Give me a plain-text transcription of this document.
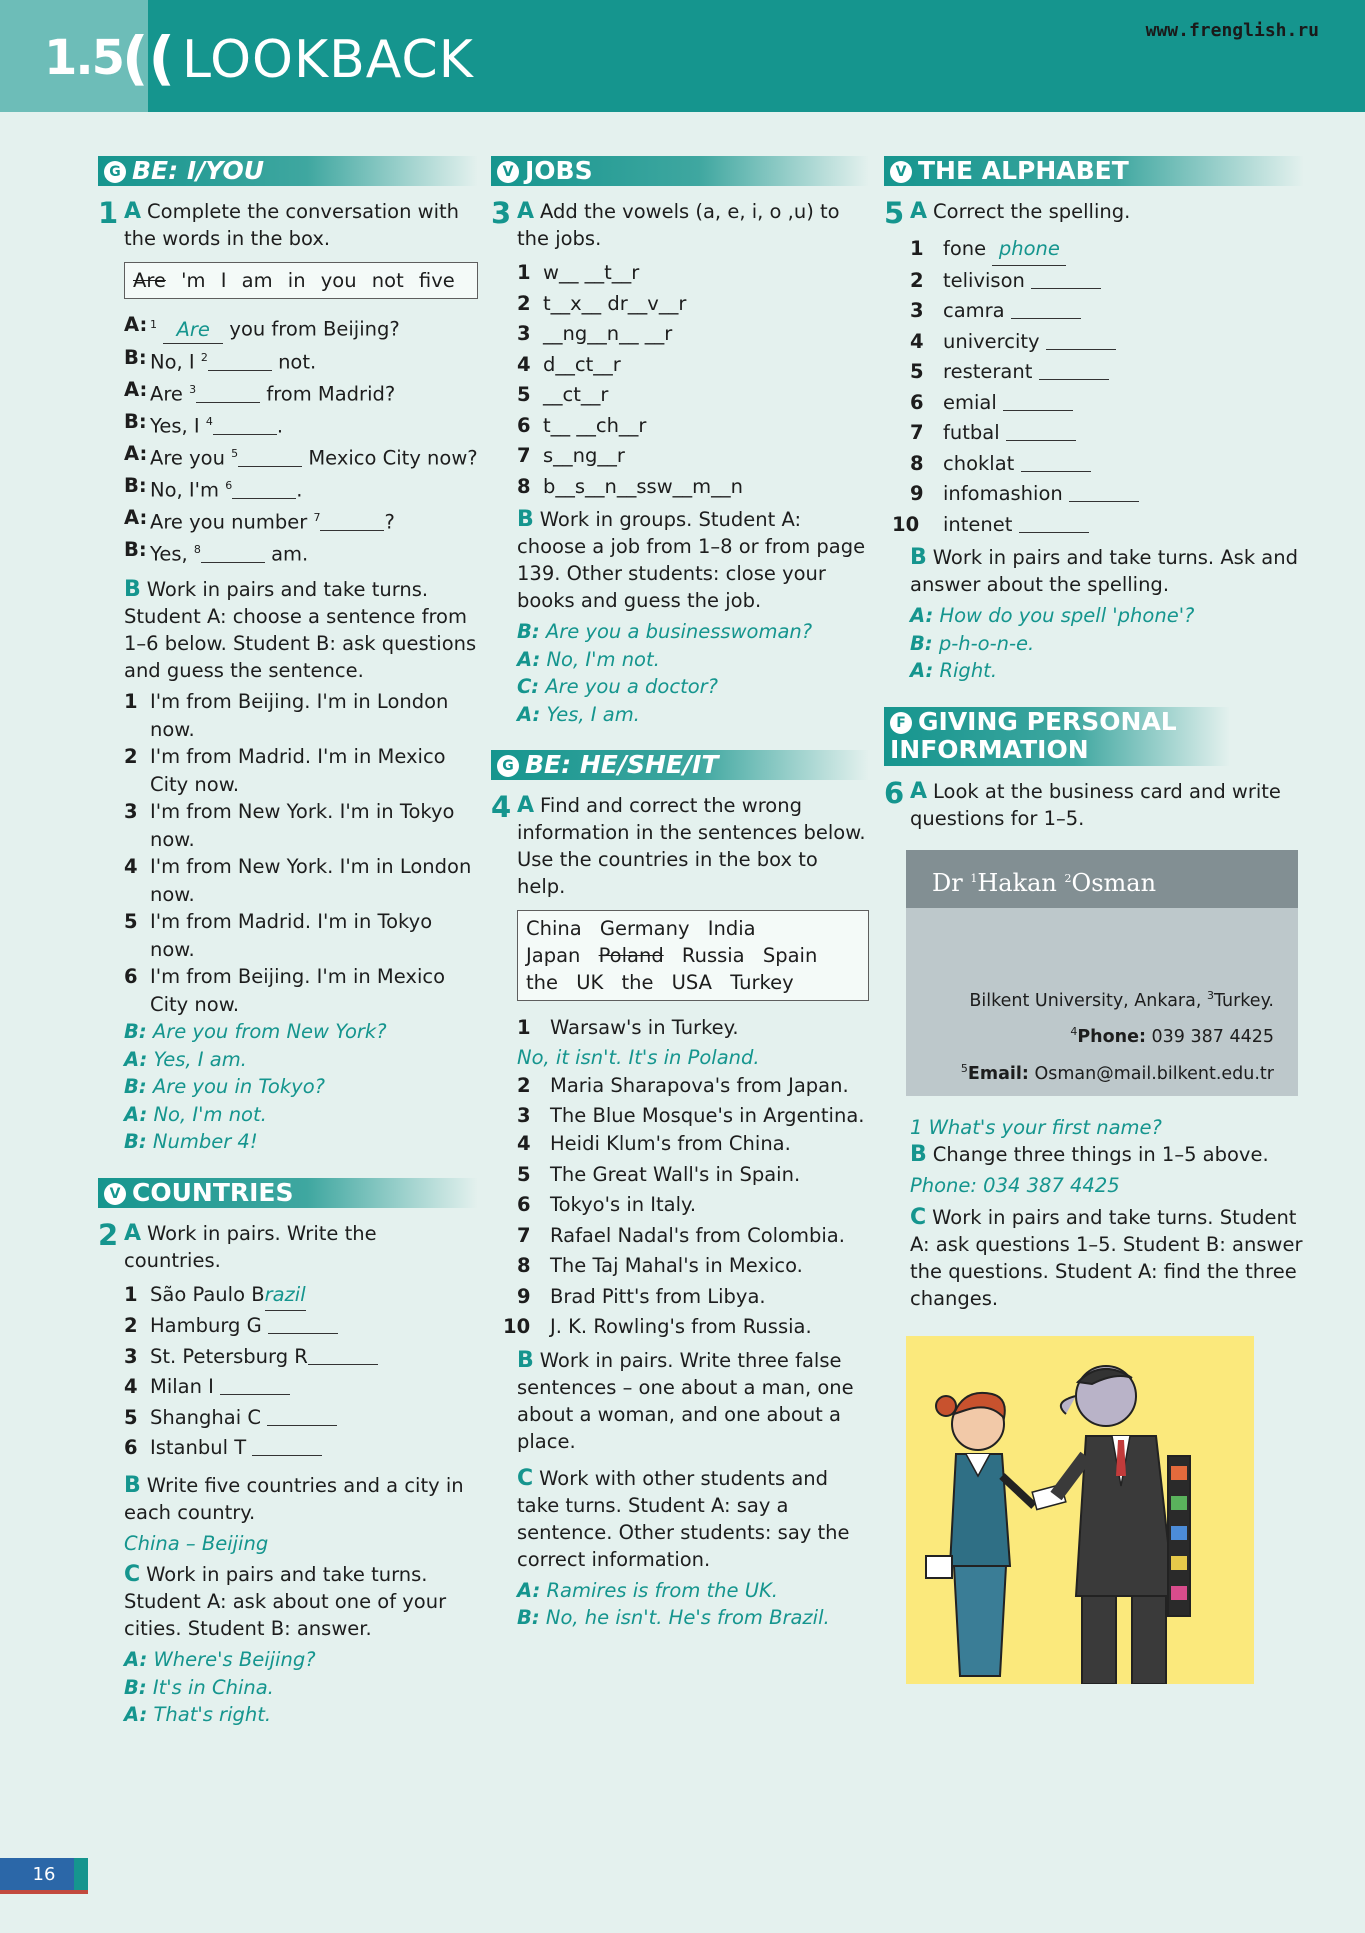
1.5
(( LOOKBACK	www.frenglish.ru
G BE: I/YOU
1 A Complete the conversation with the words in the box.
Are 'm I am in you not five
A: $^1$ Are you from Beijing?
B: No, I $^2$	not.
A: Are $^3$	from Madrid?
B: Yes, I $^4$	.
A: Are you $^5$	Mexico City now?
B: No, I'm $^6$	.
A: Are you number $^7$	?
B: Yes, $^8$	am.
B Work in pairs and take turns. Student A: choose a sentence from 1–6 below. Student B: ask questions and guess the sentence.
1 I'm from Beijing. I'm in London now.
2 I'm from Madrid. I'm in Mexico City now.
3 I'm from New York. I'm in Tokyo now.
4 I'm from New York. I'm in London now.
5 I'm from Madrid. I'm in Tokyo now.
6 I'm from Beijing. I'm in Mexico City now.
B: Are you from New York?
A: Yes, I am.
B: Are you in Tokyo?
A: No, I'm not.
B: Number 4!
V COUNTRIES
2 A Work in pairs. Write the countries.
1 São Paulo Brazil
2 Hamburg G
3 St. Petersburg R
4 Milan I
5 Shanghai C
6 Istanbul T
B Write five countries and a city in each country.
China – Beijing
C Work in pairs and take turns. Student A: ask about one of your cities. Student B: answer.
A: Where's Beijing?
B: It's in China.
A: That's right.
V JOBS
3 A Add the vowels (a, e, i, o ,u) to the jobs.
1 w__ __t__r
2 t__x__ dr__v__r
3 __ng__n__ __r
4 d__ct__r
5 __ct__r
6 t__ __ch__r
7 s__ng__r
8 b__s__n__ssw__m__n
B Work in groups. Student A: choose a job from 1–8 or from page 139. Other students: close your books and guess the job.
B: Are you a businesswoman?
A: No, I'm not.
C: Are you a doctor?
A: Yes, I am.
G BE: HE/SHE/IT
4 A Find and correct the wrong information in the sentences below. Use the countries in the box to help.
China Germany India
Japan Poland Russia Spain
the UK the USA Turkey
1 Warsaw's in Turkey.
No, it isn't. It's in Poland.
2 Maria Sharapova's from Japan.
3 The Blue Mosque's in Argentina.
4 Heidi Klum's from China.
5 The Great Wall's in Spain.
6 Tokyo's in Italy.
7 Rafael Nadal's from Colombia.
8 The Taj Mahal's in Mexico.
9 Brad Pitt's from Libya.
10	J. K. Rowling's from Russia.
B Work in pairs. Write three false sentences – one about a man, one about a woman, and one about a place.
C Work with other students and take turns. Student A: say a sentence. Other students: say the correct information.
A: Ramires is from the UK.
B: No, he isn't. He's from Brazil.
V THE ALPHABET
5 A Correct the spelling.
1 fone phone
2 telivison
3 camra
4 univercity
5 resterant
6 emial
7 futbal
8 choklat
9 infomashion
10	intenet
B Work in pairs and take turns. Ask and answer about the spelling.
A: How do you spell 'phone'?
B: p-h-o-n-e.
A: Right.
F GIVING PERSONAL INFORMATION
6 A Look at the business card and write questions for 1–5.
Dr $^1$Hakan $^2$Osman
Bilkent University, Ankara, $^3$Turkey.
$^4$Phone: 039 387 4425
$^5$Email: Osman@mail.bilkent.edu.tr
1 What's your first name?
B Change three things in 1–5 above.
Phone: 034 387 4425
C Work in pairs and take turns. Student A: ask questions 1–5. Student B: answer the questions. Student A: find the three changes.
16
